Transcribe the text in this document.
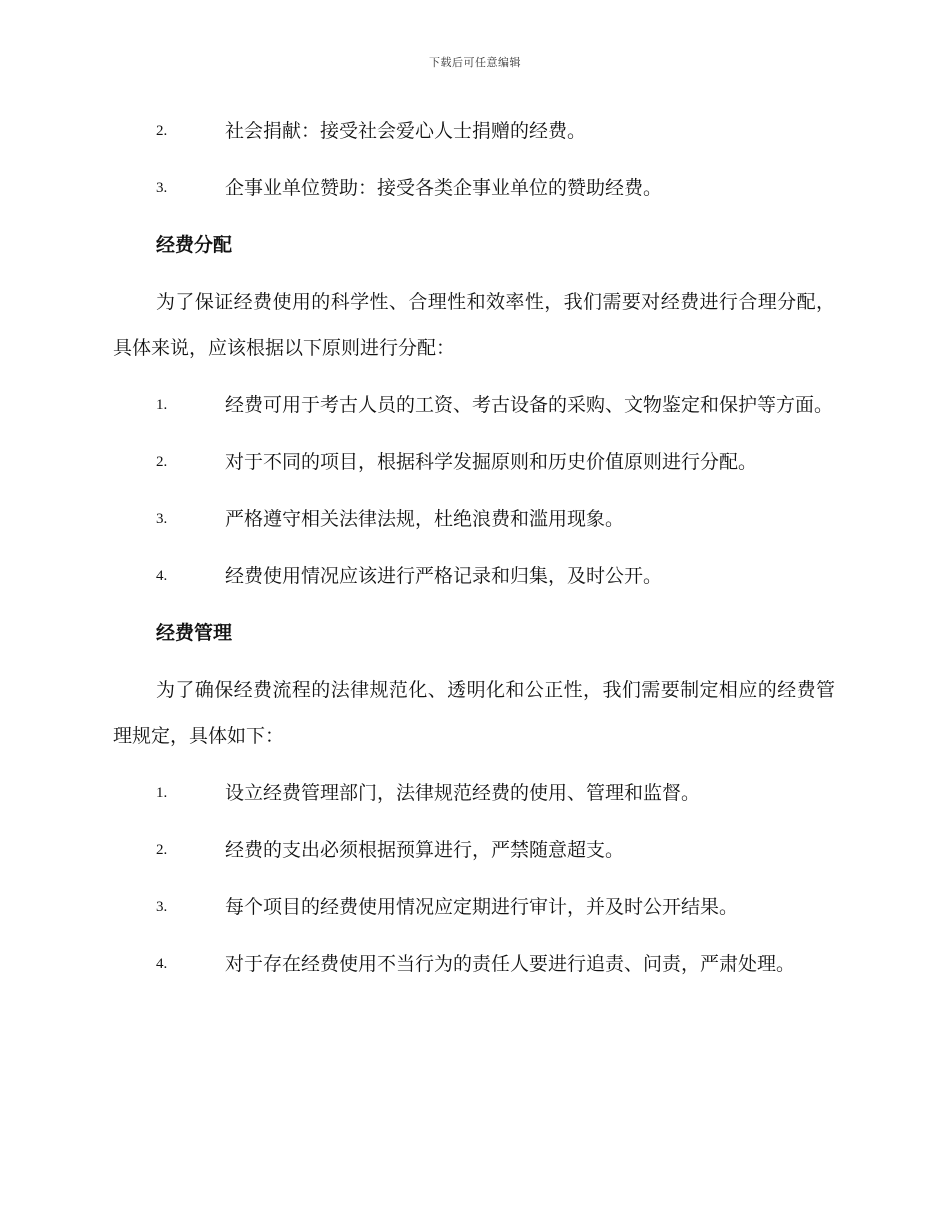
下载后可任意编辑
2.	社会捐献：接受社会爱心人士捐赠的经费。

3.	企事业单位赞助：接受各类企事业单位的赞助经费。

经费分配

为了保证经费使用的科学性、合理性和效率性，我们需要对经费进行合理分配，具体来说，应该根据以下原则进行分配：

1.	经费可用于考古人员的工资、考古设备的采购、文物鉴定和保护等方面。

2.	对于不同的项目，根据科学发掘原则和历史价值原则进行分配。

3.	严格遵守相关法律法规，杜绝浪费和滥用现象。

4.	经费使用情况应该进行严格记录和归集，及时公开。

经费管理

为了确保经费流程的法律规范化、透明化和公正性，我们需要制定相应的经费管理规定，具体如下：

1.	设立经费管理部门，法律规范经费的使用、管理和监督。

2.	经费的支出必须根据预算进行，严禁随意超支。

3.	每个项目的经费使用情况应定期进行审计，并及时公开结果。

4.	对于存在经费使用不当行为的责任人要进行追责、问责，严肃处理。
